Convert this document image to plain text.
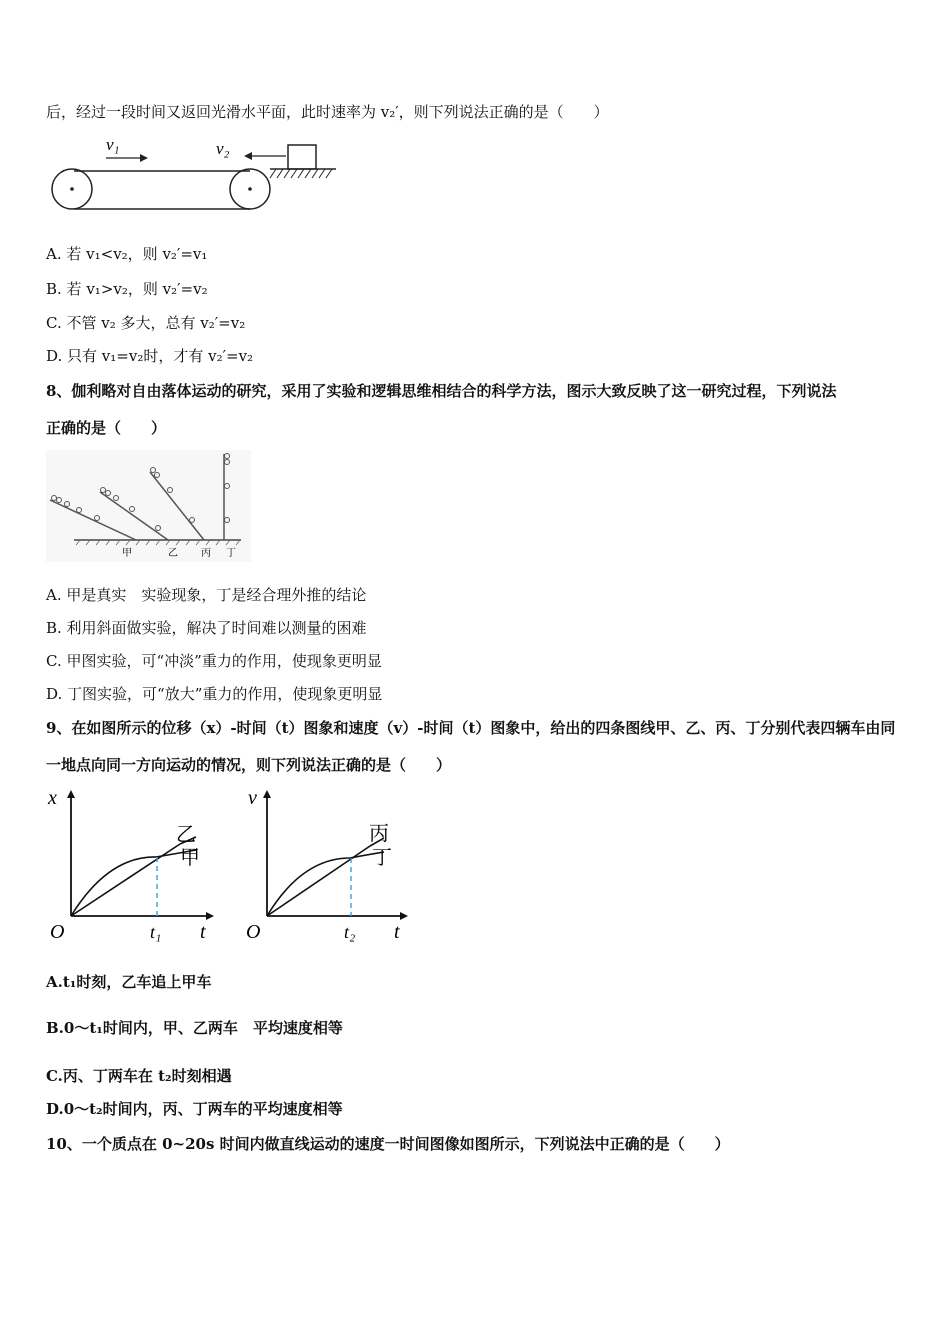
后，经过一段时间又返回光滑水平面，此时速率为 v₂′，则下列说法正确的是（　　）
v₁	v₂
A. 若 v₁<v₂，则 v₂′=v₁
B. 若 v₁>v₂，则 v₂′=v₂
C. 不管 v₂ 多大，总有 v₂′=v₂
D. 只有 v₁=v₂时，才有 v₂′=v₂
8、伽利略对自由落体运动的研究，采用了实验和逻辑思维相结合的科学方法，图示大致反映了这一研究过程，下列说法
正确的是（　　）
甲	乙 丙 丁
A. 甲是真实　实验现象，丁是经合理外推的结论
B. 利用斜面做实验，解决了时间难以测量的困难
C. 甲图实验，可“冲淡”重力的作用，使现象更明显
D. 丁图实验，可“放大”重力的作用，使现象更明显
9、在如图所示的位移（x）-时间（t）图象和速度（v）-时间（t）图象中，给出的四条图线甲、乙、丙、丁分别代表四辆车由同
一地点向同一方向运动的情况，则下列说法正确的是（　　）
x
t
O	t₁
乙
甲
v
t
O	t₂
丙
丁
A.t₁时刻，乙车追上甲车
B.0～t₁时间内，甲、乙两车　平均速度相等
C.丙、丁两车在 t₂时刻相遇
D.0～t₂时间内，丙、丁两车的平均速度相等
10、一个质点在 0~20s 时间内做直线运动的速度一时间图像如图所示，下列说法中正确的是（　　）
